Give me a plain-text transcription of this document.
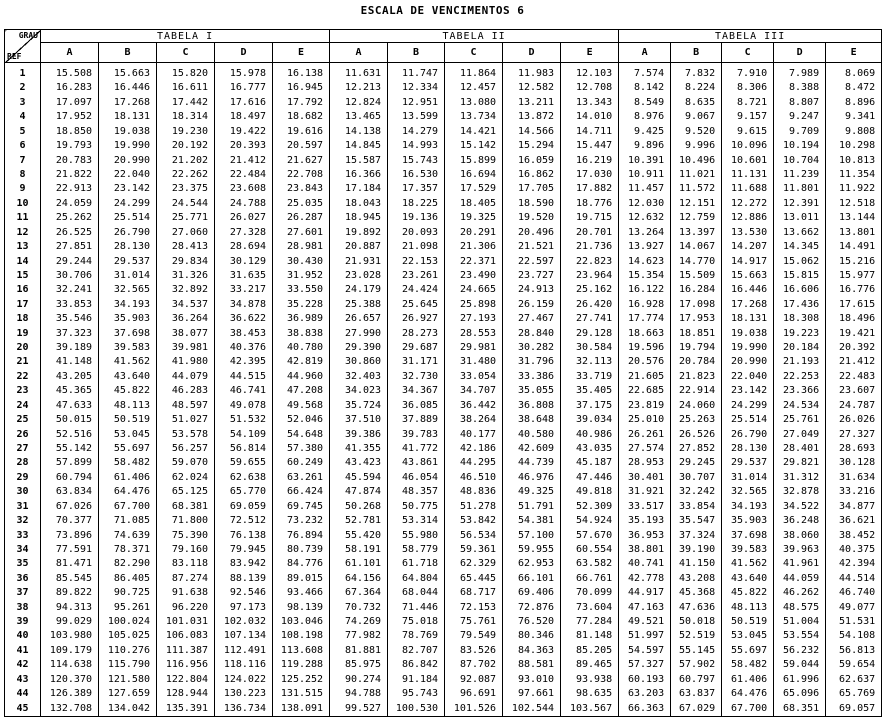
ESCALA DE VENCIMENTOS 6
GRAU
REF	TABELA I					TABELA II					TABELA III				
	A	B	C	D	E	A	B	C	D	E	A	B	C	D	E
1	15.508	15.663	15.820	15.978	16.138	11.631	11.747	11.864	11.983	12.103	7.574	7.832	7.910	7.989	8.069
2	16.283	16.446	16.611	16.777	16.945	12.213	12.334	12.457	12.582	12.708	8.142	8.224	8.306	8.388	8.472
3	17.097	17.268	17.442	17.616	17.792	12.824	12.951	13.080	13.211	13.343	8.549	8.635	8.721	8.807	8.896
4	17.952	18.131	18.314	18.497	18.682	13.465	13.599	13.734	13.872	14.010	8.976	9.067	9.157	9.247	9.341
5	18.850	19.038	19.230	19.422	19.616	14.138	14.279	14.421	14.566	14.711	9.425	9.520	9.615	9.709	9.808
6	19.793	19.990	20.192	20.393	20.597	14.845	14.993	15.142	15.294	15.447	9.896	9.996	10.096	10.194	10.298
7	20.783	20.990	21.202	21.412	21.627	15.587	15.743	15.899	16.059	16.219	10.391	10.496	10.601	10.704	10.813
8	21.822	22.040	22.262	22.484	22.708	16.366	16.530	16.694	16.862	17.030	10.911	11.021	11.131	11.239	11.354
9	22.913	23.142	23.375	23.608	23.843	17.184	17.357	17.529	17.705	17.882	11.457	11.572	11.688	11.801	11.922
10	24.059	24.299	24.544	24.788	25.035	18.043	18.225	18.405	18.590	18.776	12.030	12.151	12.272	12.391	12.518
11	25.262	25.514	25.771	26.027	26.287	18.945	19.136	19.325	19.520	19.715	12.632	12.759	12.886	13.011	13.144
12	26.525	26.790	27.060	27.328	27.601	19.892	20.093	20.291	20.496	20.701	13.264	13.397	13.530	13.662	13.801
13	27.851	28.130	28.413	28.694	28.981	20.887	21.098	21.306	21.521	21.736	13.927	14.067	14.207	14.345	14.491
14	29.244	29.537	29.834	30.129	30.430	21.931	22.153	22.371	22.597	22.823	14.623	14.770	14.917	15.062	15.216
15	30.706	31.014	31.326	31.635	31.952	23.028	23.261	23.490	23.727	23.964	15.354	15.509	15.663	15.815	15.977
16	32.241	32.565	32.892	33.217	33.550	24.179	24.424	24.665	24.913	25.162	16.122	16.284	16.446	16.606	16.776
17	33.853	34.193	34.537	34.878	35.228	25.388	25.645	25.898	26.159	26.420	16.928	17.098	17.268	17.436	17.615
18	35.546	35.903	36.264	36.622	36.989	26.657	26.927	27.193	27.467	27.741	17.774	17.953	18.131	18.308	18.496
19	37.323	37.698	38.077	38.453	38.838	27.990	28.273	28.553	28.840	29.128	18.663	18.851	19.038	19.223	19.421
20	39.189	39.583	39.981	40.376	40.780	29.390	29.687	29.981	30.282	30.584	19.596	19.794	19.990	20.184	20.392
21	41.148	41.562	41.980	42.395	42.819	30.860	31.171	31.480	31.796	32.113	20.576	20.784	20.990	21.193	21.412
22	43.205	43.640	44.079	44.515	44.960	32.403	32.730	33.054	33.386	33.719	21.605	21.823	22.040	22.253	22.483
23	45.365	45.822	46.283	46.741	47.208	34.023	34.367	34.707	35.055	35.405	22.685	22.914	23.142	23.366	23.607
24	47.633	48.113	48.597	49.078	49.568	35.724	36.085	36.442	36.808	37.175	23.819	24.060	24.299	24.534	24.787
25	50.015	50.519	51.027	51.532	52.046	37.510	37.889	38.264	38.648	39.034	25.010	25.263	25.514	25.761	26.026
26	52.516	53.045	53.578	54.109	54.648	39.386	39.783	40.177	40.580	40.986	26.261	26.526	26.790	27.049	27.327
27	55.142	55.697	56.257	56.814	57.380	41.355	41.772	42.186	42.609	43.035	27.574	27.852	28.130	28.401	28.693
28	57.899	58.482	59.070	59.655	60.249	43.423	43.861	44.295	44.739	45.187	28.953	29.245	29.537	29.821	30.128
29	60.794	61.406	62.024	62.638	63.261	45.594	46.054	46.510	46.976	47.446	30.401	30.707	31.014	31.312	31.634
30	63.834	64.476	65.125	65.770	66.424	47.874	48.357	48.836	49.325	49.818	31.921	32.242	32.565	32.878	33.216
31	67.026	67.700	68.381	69.059	69.745	50.268	50.775	51.278	51.791	52.309	33.517	33.854	34.193	34.522	34.877
32	70.377	71.085	71.800	72.512	73.232	52.781	53.314	53.842	54.381	54.924	35.193	35.547	35.903	36.248	36.621
33	73.896	74.639	75.390	76.138	76.894	55.420	55.980	56.534	57.100	57.670	36.953	37.324	37.698	38.060	38.452
34	77.591	78.371	79.160	79.945	80.739	58.191	58.779	59.361	59.955	60.554	38.801	39.190	39.583	39.963	40.375
35	81.471	82.290	83.118	83.942	84.776	61.101	61.718	62.329	62.953	63.582	40.741	41.150	41.562	41.961	42.394
36	85.545	86.405	87.274	88.139	89.015	64.156	64.804	65.445	66.101	66.761	42.778	43.208	43.640	44.059	44.514
37	89.822	90.725	91.638	92.546	93.466	67.364	68.044	68.717	69.406	70.099	44.917	45.368	45.822	46.262	46.740
38	94.313	95.261	96.220	97.173	98.139	70.732	71.446	72.153	72.876	73.604	47.163	47.636	48.113	48.575	49.077
39	99.029	100.024	101.031	102.032	103.046	74.269	75.018	75.761	76.520	77.284	49.521	50.018	50.519	51.004	51.531
40	103.980	105.025	106.083	107.134	108.198	77.982	78.769	79.549	80.346	81.148	51.997	52.519	53.045	53.554	54.108
41	109.179	110.276	111.387	112.491	113.608	81.881	82.707	83.526	84.363	85.205	54.597	55.145	55.697	56.232	56.813
42	114.638	115.790	116.956	118.116	119.288	85.975	86.842	87.702	88.581	89.465	57.327	57.902	58.482	59.044	59.654
43	120.370	121.580	122.804	124.022	125.252	90.274	91.184	92.087	93.010	93.938	60.193	60.797	61.406	61.996	62.637
44	126.389	127.659	128.944	130.223	131.515	94.788	95.743	96.691	97.661	98.635	63.203	63.837	64.476	65.096	65.769
45	132.708	134.042	135.391	136.734	138.091	99.527	100.530	101.526	102.544	103.567	66.363	67.029	67.700	68.351	69.057
